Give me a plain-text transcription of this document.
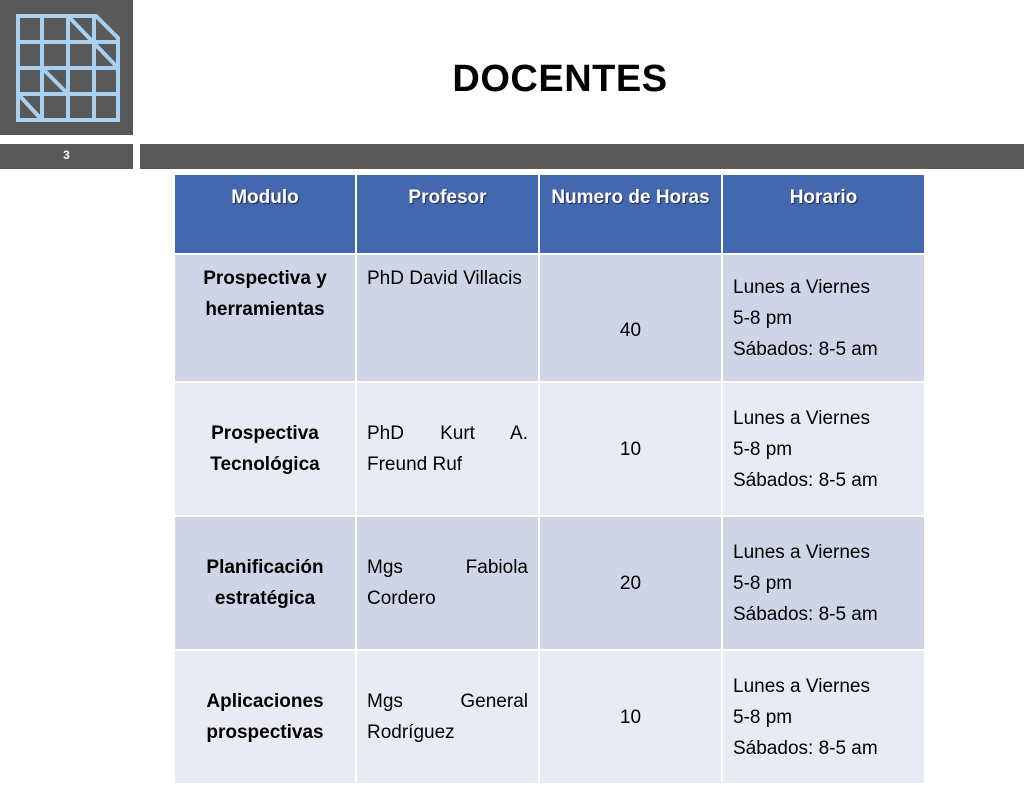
3
DOCENTES
Modulo	Profesor	Numero de Horas	Horario
Prospectiva y herramientas	PhD David Villacis	40	Lunes a Viernes
5-8 pm
Sábados: 8-5 am

Prospectiva Tecnológica	PhD Kurt A. Freund Ruf	10	Lunes a Viernes
5-8 pm
Sábados: 8-5 am

Planificación estratégica	Mgs Fabiola Cordero	20	Lunes a Viernes
5-8 pm
Sábados: 8-5 am

Aplicaciones prospectivas	Mgs General Rodríguez	10	Lunes a Viernes
5-8 pm
Sábados: 8-5 am
